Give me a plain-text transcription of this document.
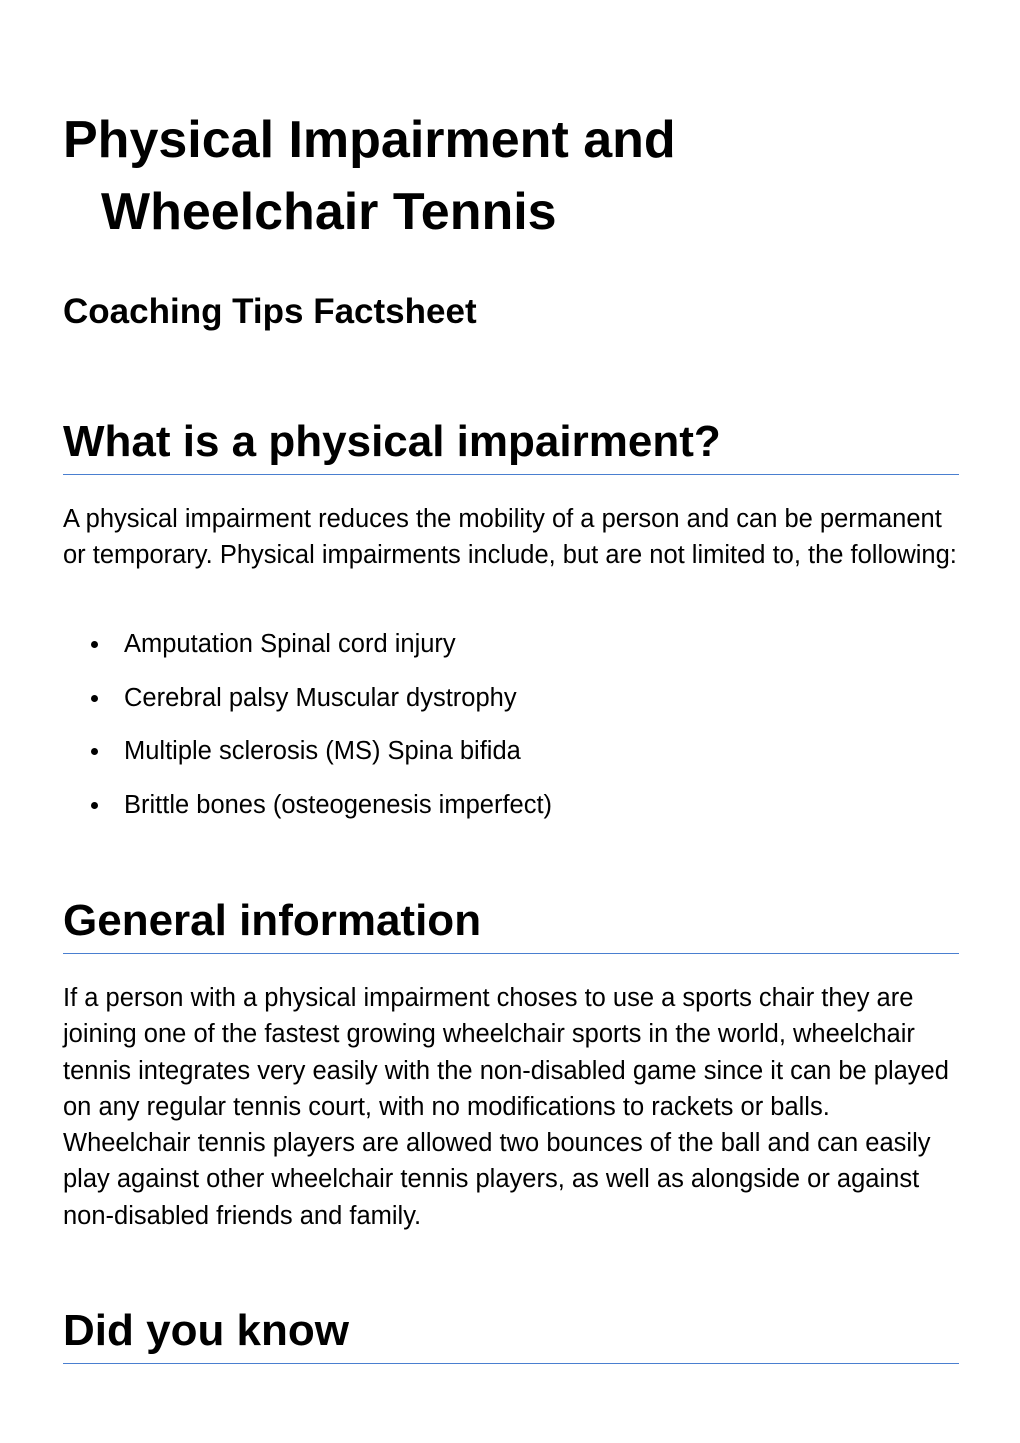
Physical Impairment and
Wheelchair Tennis
Coaching Tips Factsheet
What is a physical impairment?

A physical impairment reduces the mobility of a person and can be permanent or temporary. Physical impairments include, but are not limited to, the following:

Amputation Spinal cord injury
Cerebral palsy Muscular dystrophy
Multiple sclerosis (MS) Spina bifida
Brittle bones (osteogenesis imperfect)
General information

If a person with a physical impairment choses to use a sports chair they are joining one of the fastest growing wheelchair sports in the world, wheelchair tennis integrates very easily with the non-disabled game since it can be played on any regular tennis court, with no modifications to rackets or balls. Wheelchair tennis players are allowed two bounces of the ball and can easily play against other wheelchair tennis players, as well as alongside or against non-disabled friends and family.

Did you know
